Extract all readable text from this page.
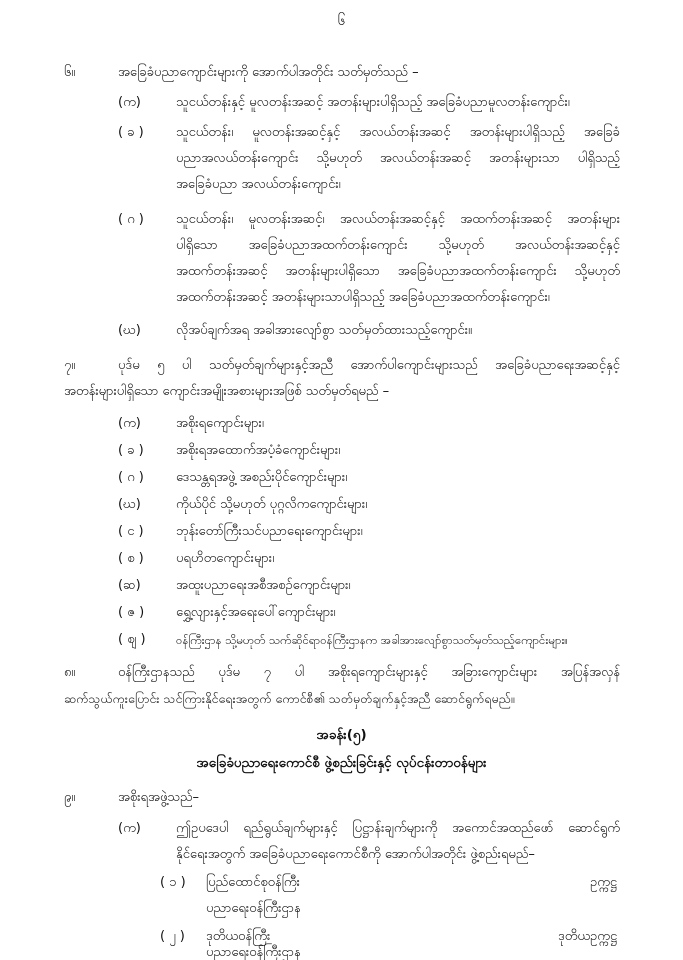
၆
၆။	အခြေခံပညာကျောင်းများကို အောက်ပါအတိုင်း သတ်မှတ်သည် –
(က)	သူငယ်တန်းနှင့် မူလတန်းအဆင့် အတန်းများပါရှိသည့် အခြေခံပညာမူလတန်းကျောင်း၊
( ခ ) သူငယ်တန်း၊ မူလတန်းအဆင့်နှင့် အလယ်တန်းအဆင့် အတန်းများပါရှိသည့် အခြေခံ
ပညာအလယ်တန်းကျောင်း သို့မဟုတ် အလယ်တန်းအဆင့် အတန်းများသာ ပါရှိသည့်
အခြေခံပညာ အလယ်တန်းကျောင်း၊
( ဂ ) သူငယ်တန်း၊ မူလတန်းအဆင့်၊ အလယ်တန်းအဆင့်နှင့် အထက်တန်းအဆင့် အတန်းများ
ပါရှိသော အခြေခံပညာအထက်တန်းကျောင်း သို့မဟုတ် အလယ်တန်းအဆင့်နှင့်
အထက်တန်းအဆင့် အတန်းများပါရှိသော အခြေခံပညာအထက်တန်းကျောင်း သို့မဟုတ်
အထက်တန်းအဆင့် အတန်းများသာပါရှိသည့် အခြေခံပညာအထက်တန်းကျောင်း၊
(ဃ)	လိုအပ်ချက်အရ အခါအားလျော်စွာ သတ်မှတ်ထားသည့်ကျောင်း။
၇။	ပုဒ်မ ၅ ပါ သတ်မှတ်ချက်များနှင့်အညီ အောက်ပါကျောင်းများသည် အခြေခံပညာရေးအဆင့်နှင့်
အတန်းများပါရှိသော ကျောင်းအမျိုးအစားများအဖြစ် သတ်မှတ်ရမည် –
(က)	အစိုးရကျောင်းများ၊
( ခ ) အစိုးရအထောက်အပံ့ခံကျောင်းများ၊
( ဂ ) ဒေသန္တရအဖွဲ့ အစည်းပိုင်ကျောင်းများ၊
(ဃ)	ကိုယ်ပိုင် သို့မဟုတ် ပုဂ္ဂလိကကျောင်းများ၊
( င ) ဘုန်းတော်ကြီးသင်ပညာရေးကျောင်းများ၊
( စ ) ပရဟိတကျောင်းများ၊
(ဆ)	အထူးပညာရေးအစီအစဉ်ကျောင်းများ၊
( ဇ ) ရွှေ့လျားနှင့်အရေးပေါ်ကျောင်းများ၊
( ဈ )	ဝန်ကြီးဌာန သို့မဟုတ် သက်ဆိုင်ရာဝန်ကြီးဌာနက အခါအားလျော်စွာသတ်မှတ်သည့်ကျောင်းများ။
၈။	ဝန်ကြီးဌာနသည် ပုဒ်မ ၇ ပါ အစိုးရကျောင်းများနှင့် အခြားကျောင်းများ အပြန်အလှန်
ဆက်သွယ်ကူးပြောင်း သင်ကြားနိုင်ရေးအတွက် ကောင်စီ၏ သတ်မှတ်ချက်နှင့်အညီ ဆောင်ရွက်ရမည်။
အခန်း(၅)
အခြေခံပညာရေးကောင်စီ ဖွဲ့စည်းခြင်းနှင့် လုပ်ငန်းတာဝန်များ
၉။	အစိုးရအဖွဲ့သည်–
(က)	ဤဥပဒေပါ ရည်ရွယ်ချက်များနှင့် ပြဋ္ဌာန်းချက်များကို အကောင်အထည်ဖော် ဆောင်ရွက်
နိုင်ရေးအတွက် အခြေခံပညာရေးကောင်စီကို အောက်ပါအတိုင်း ဖွဲ့စည်းရမည်–
( ၁ ) ပြည်ထောင်စုဝန်ကြီး	ဥက္ကဋ္ဌ
ပညာရေးဝန်ကြီးဌာန
( ၂ ) ဒုတိယဝန်ကြီး	ဒုတိယဥက္ကဋ္ဌ
ပညာရေးဝန်ကြီးဌာန
